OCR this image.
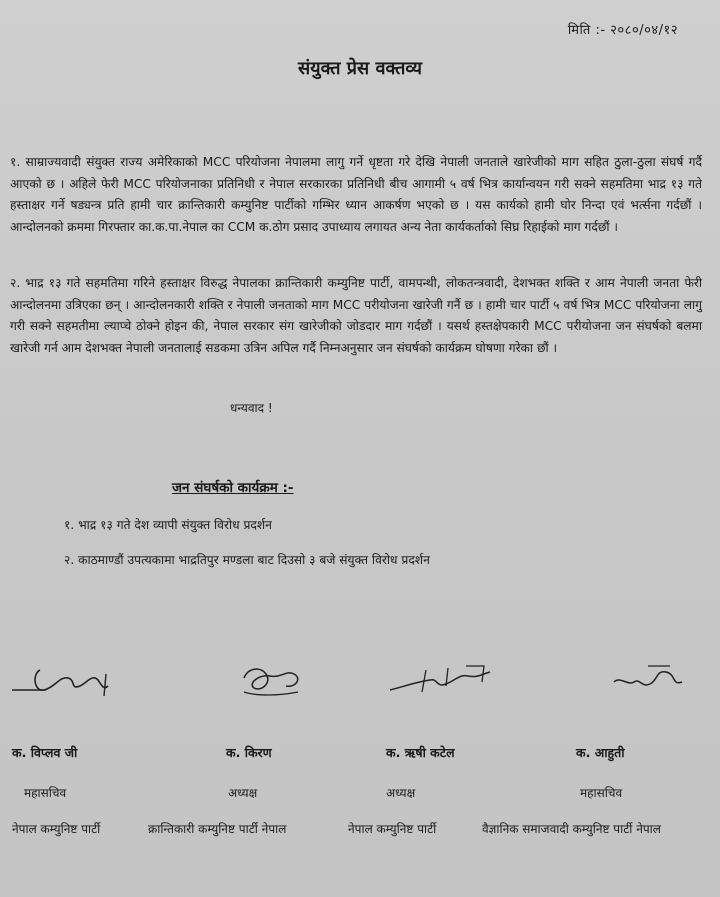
मिति :- २०८०/०४/१२
संयुक्त प्रेस वक्तव्य

१. साम्राज्यवादी संयुक्त राज्य अमेरिकाको MCC परियोजना नेपालमा लागु गर्ने धृष्टता गरे देखि नेपाली जनताले खारेजीको माग सहित ठुला-ठुला संघर्ष गर्दै आएको छ । अहिले फेरी MCC परियोजनाका प्रतिनिधी र नेपाल सरकारका प्रतिनिधी बीच आगामी ५ वर्ष भित्र कार्यान्वयन गरी सक्ने सहमतिमा भाद्र १३ गते हस्ताक्षर गर्ने षड्यन्त्र प्रति हामी चार क्रान्तिकारी कम्युनिष्ट पार्टीको गम्भिर ध्यान आकर्षण भएको छ । यस कार्यको हामी घोर निन्दा एवं भर्त्सना गर्दछौं । आन्दोलनको क्रममा गिरफ्तार का.क.पा.नेपाल का CCM क.ठोग प्रसाद उपाध्याय लगायत अन्य नेता कार्यकर्ताको सिघ्र रिहाईको माग गर्दछौं ।

२. भाद्र १३ गते सहमतिमा गरिने हस्ताक्षर विरुद्ध नेपालका क्रान्तिकारी कम्युनिष्ट पार्टी, वामपन्थी, लोकतन्त्रवादी, देशभक्त शक्ति र आम नेपाली जनता फेरी आन्दोलनमा उत्रिएका छन् । आन्दोलनकारी शक्ति र नेपाली जनताको माग MCC परीयोजना खारेजी गर्नै छ । हामी चार पार्टी ५ वर्ष भित्र MCC परियोजना लागु गरी सक्ने सहमतीमा ल्याप्चे ठोक्ने होइन की, नेपाल सरकार संग खारेजीको जोडदार माग गर्दछौं । यसर्थ हस्तक्षेपकारी MCC परीयोजना जन संघर्षको बलमा खारेजी गर्न आम देशभक्त नेपाली जनतालाई सडकमा उत्रिन अपिल गर्दै निम्नअनुसार जन संघर्षको कार्यक्रम घोषणा गरेका छौं ।

धन्यवाद !
जन संघर्षको कार्यक्रम :-
१. भाद्र १३ गते देश व्यापी संयुक्त विरोध प्रदर्शन
२. काठमाण्डौं उपत्यकामा भाद्रतिपुर मण्डला बाट दिउसो ३ बजे संयुक्त विरोध प्रदर्शन
क. विप्लव जी	क. किरण	क. ऋषी कटेल	क. आहुती
महासचिव	अध्यक्ष	अध्यक्ष	महासचिव
नेपाल कम्युनिष्ट पार्टी	क्रान्तिकारी कम्युनिष्ट पार्टी नेपाल	नेपाल कम्युनिष्ट पार्टी	वैज्ञानिक समाजवादी कम्युनिष्ट पार्टी नेपाल
